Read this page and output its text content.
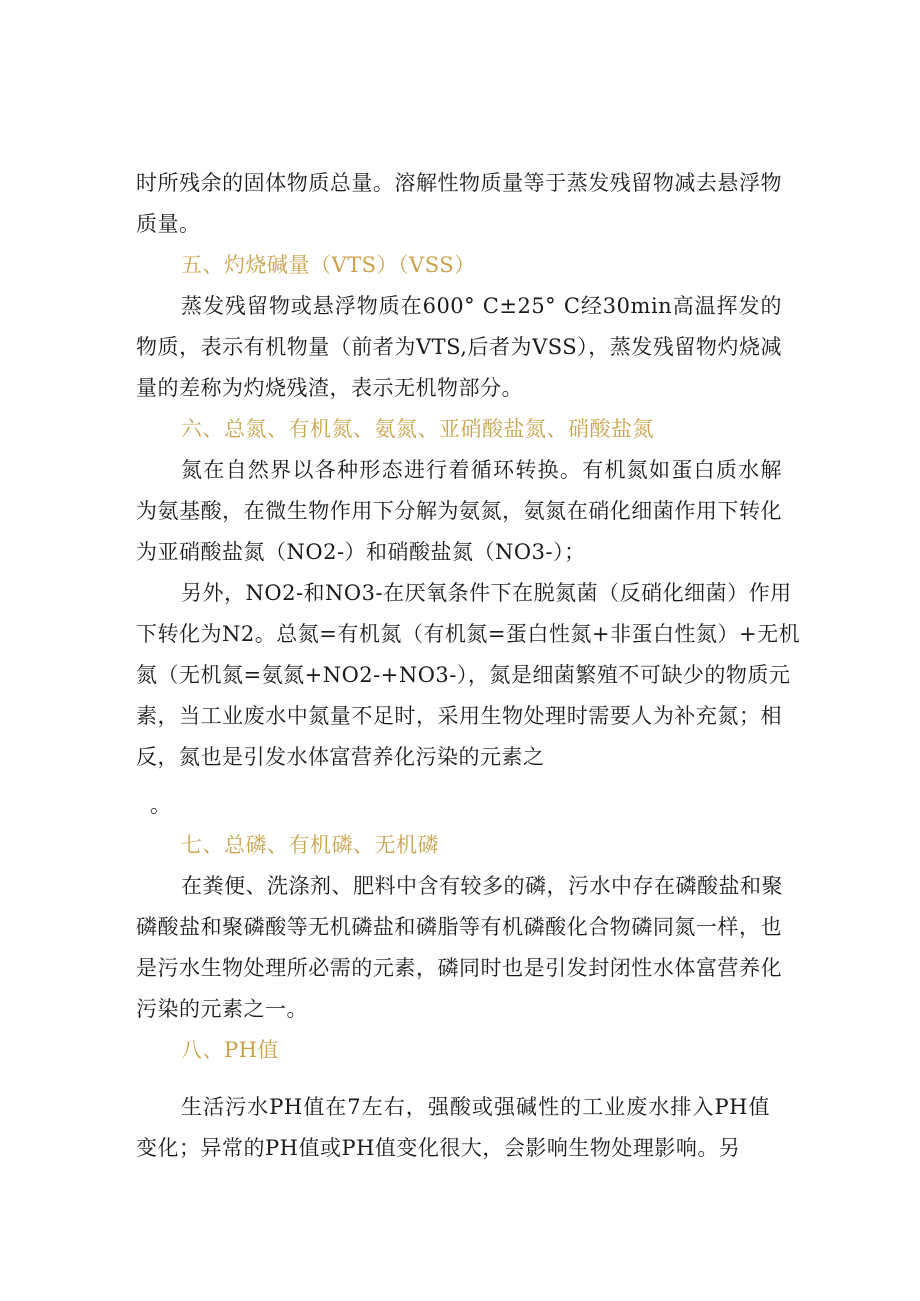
时所残余的固体物质总量。溶解性物质量等于蒸发残留物减去悬浮物
质量。
五、灼烧碱量（VTS）（VSS）
蒸发残留物或悬浮物质在600° C±25° C经30min高温挥发的
物质，表示有机物量（前者为VTS,后者为VSS），蒸发残留物灼烧减
量的差称为灼烧残渣，表示无机物部分。
六、总氮、有机氮、氨氮、亚硝酸盐氮、硝酸盐氮
氮在自然界以各种形态进行着循环转换。有机氮如蛋白质水解
为氨基酸，在微生物作用下分解为氨氮，氨氮在硝化细菌作用下转化
为亚硝酸盐氮（NO2-）和硝酸盐氮（NO3-）；
另外，NO2-和NO3-在厌氧条件下在脱氮菌（反硝化细菌）作用
下转化为N2。总氮=有机氮（有机氮=蛋白性氮+非蛋白性氮）+无机
氮（无机氮=氨氮+NO2-+NO3-），氮是细菌繁殖不可缺少的物质元
素，当工业废水中氮量不足时，采用生物处理时需要人为补充氮；相
反，氮也是引发水体富营养化污染的元素之
。
七、总磷、有机磷、无机磷
在粪便、洗涤剂、肥料中含有较多的磷，污水中存在磷酸盐和聚
磷酸盐和聚磷酸等无机磷盐和磷脂等有机磷酸化合物磷同氮一样，也
是污水生物处理所必需的元素，磷同时也是引发封闭性水体富营养化
污染的元素之一。
八、PH值
生活污水PH值在7左右，强酸或强碱性的工业废水排入PH值
变化；异常的PH值或PH值变化很大，会影响生物处理影响。另
